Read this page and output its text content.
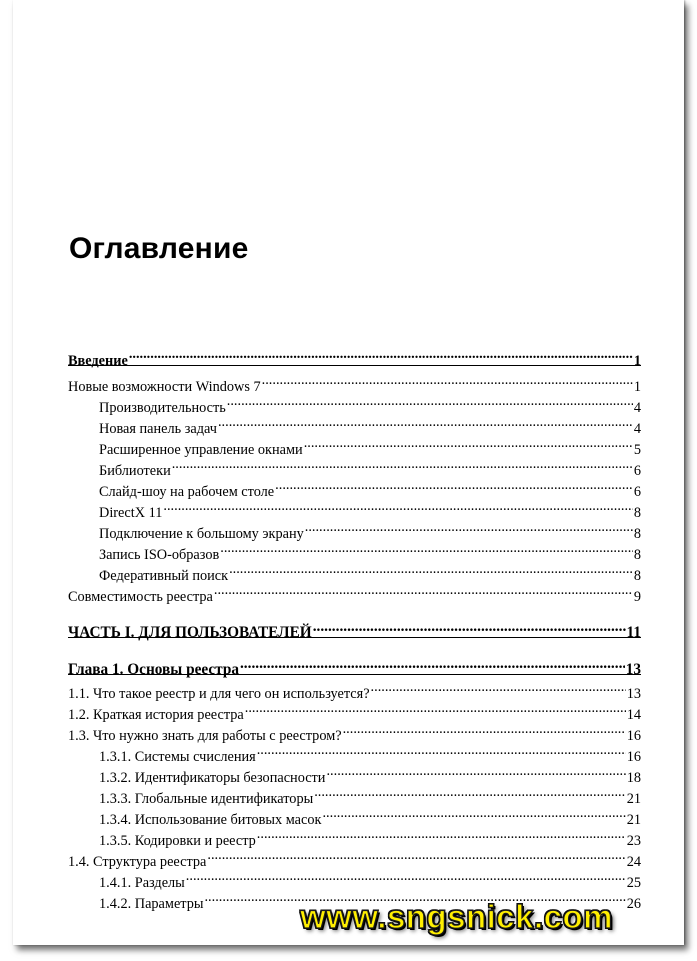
Оглавление
Введение .....	1
Новые возможности Windows 7 .....	1
Производительность .....	4
Новая панель задач .....	4
Расширенное управление окнами .....	5
Библиотеки .....	6
Слайд-шоу на рабочем столе .....	6
DirectX 11 .....	8
Подключение к большому экрану .....	8
Запись ISO-образов .....	8
Федеративный поиск .....	8
Совместимость реестра .....	9
ЧАСТЬ I. ДЛЯ ПОЛЬЗОВАТЕЛЕЙ .....	11
Глава 1. Основы реестра .....	13
1.1. Что такое реестр и для чего он используется? .....	13
1.2. Краткая история реестра .....	14
1.3. Что нужно знать для работы с реестром? .....	16
1.3.1. Системы счисления .....	16
1.3.2. Идентификаторы безопасности .....	18
1.3.3. Глобальные идентификаторы .....	21
1.3.4. Использование битовых масок .....	21
1.3.5. Кодировки и реестр .....	23
1.4. Структура реестра .....	24
1.4.1. Разделы .....	25
1.4.2. Параметры .....	26
www.sngsnick.com
